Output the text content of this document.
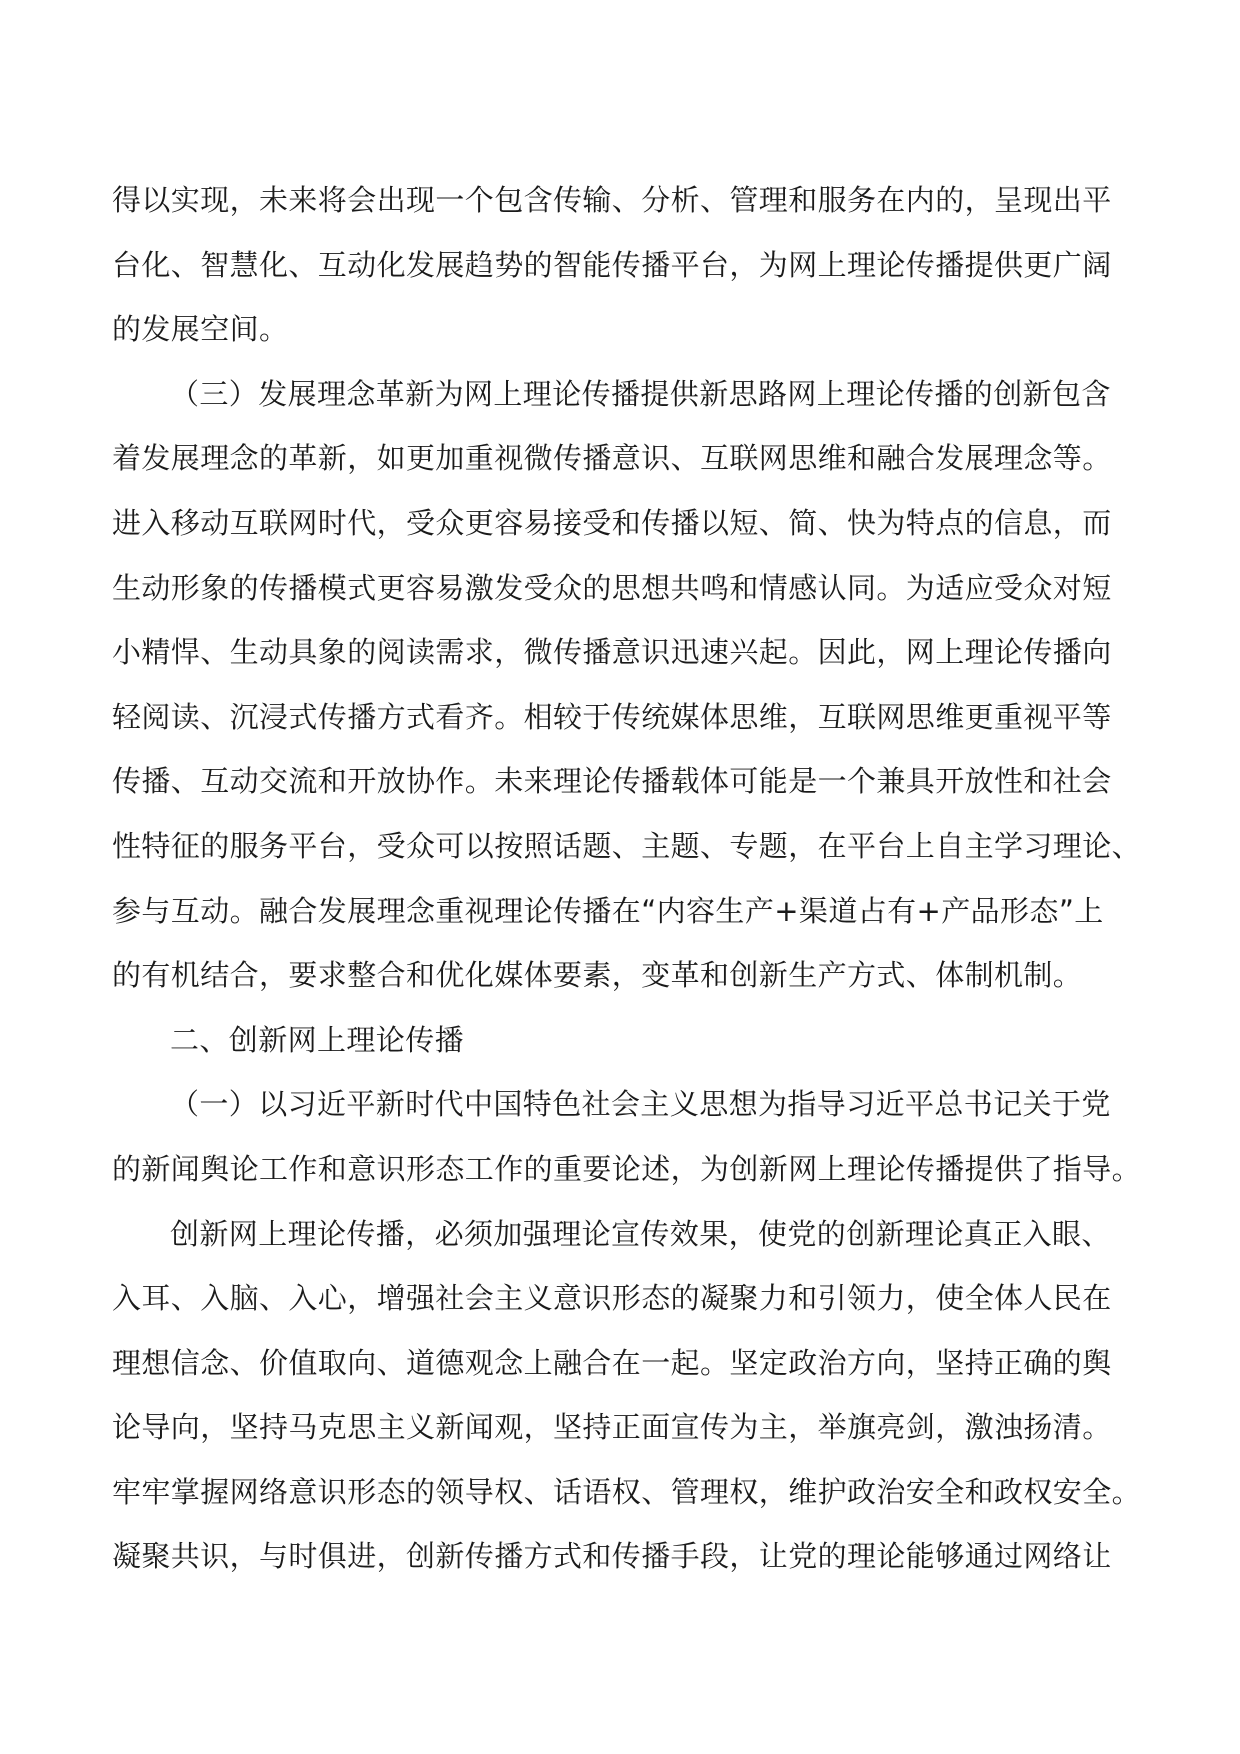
得以实现，未来将会出现一个包含传输、分析、管理和服务在内的，呈现出平
台化、智慧化、互动化发展趋势的智能传播平台，为网上理论传播提供更广阔
的发展空间。
（三）发展理念革新为网上理论传播提供新思路网上理论传播的创新包含
着发展理念的革新，如更加重视微传播意识、互联网思维和融合发展理念等。
进入移动互联网时代，受众更容易接受和传播以短、简、快为特点的信息，而
生动形象的传播模式更容易激发受众的思想共鸣和情感认同。为适应受众对短
小精悍、生动具象的阅读需求，微传播意识迅速兴起。因此，网上理论传播向
轻阅读、沉浸式传播方式看齐。相较于传统媒体思维，互联网思维更重视平等
传播、互动交流和开放协作。未来理论传播载体可能是一个兼具开放性和社会
性特征的服务平台，受众可以按照话题、主题、专题，在平台上自主学习理论、
参与互动。融合发展理念重视理论传播在“内容生产+渠道占有+产品形态”上
的有机结合，要求整合和优化媒体要素，变革和创新生产方式、体制机制。
二、创新网上理论传播
（一）以习近平新时代中国特色社会主义思想为指导习近平总书记关于党
的新闻舆论工作和意识形态工作的重要论述，为创新网上理论传播提供了指导。
创新网上理论传播，必须加强理论宣传效果，使党的创新理论真正入眼、
入耳、入脑、入心，增强社会主义意识形态的凝聚力和引领力，使全体人民在
理想信念、价值取向、道德观念上融合在一起。坚定政治方向，坚持正确的舆
论导向，坚持马克思主义新闻观，坚持正面宣传为主，举旗亮剑，激浊扬清。
牢牢掌握网络意识形态的领导权、话语权、管理权，维护政治安全和政权安全。
凝聚共识，与时俱进，创新传播方式和传播手段，让党的理论能够通过网络让
